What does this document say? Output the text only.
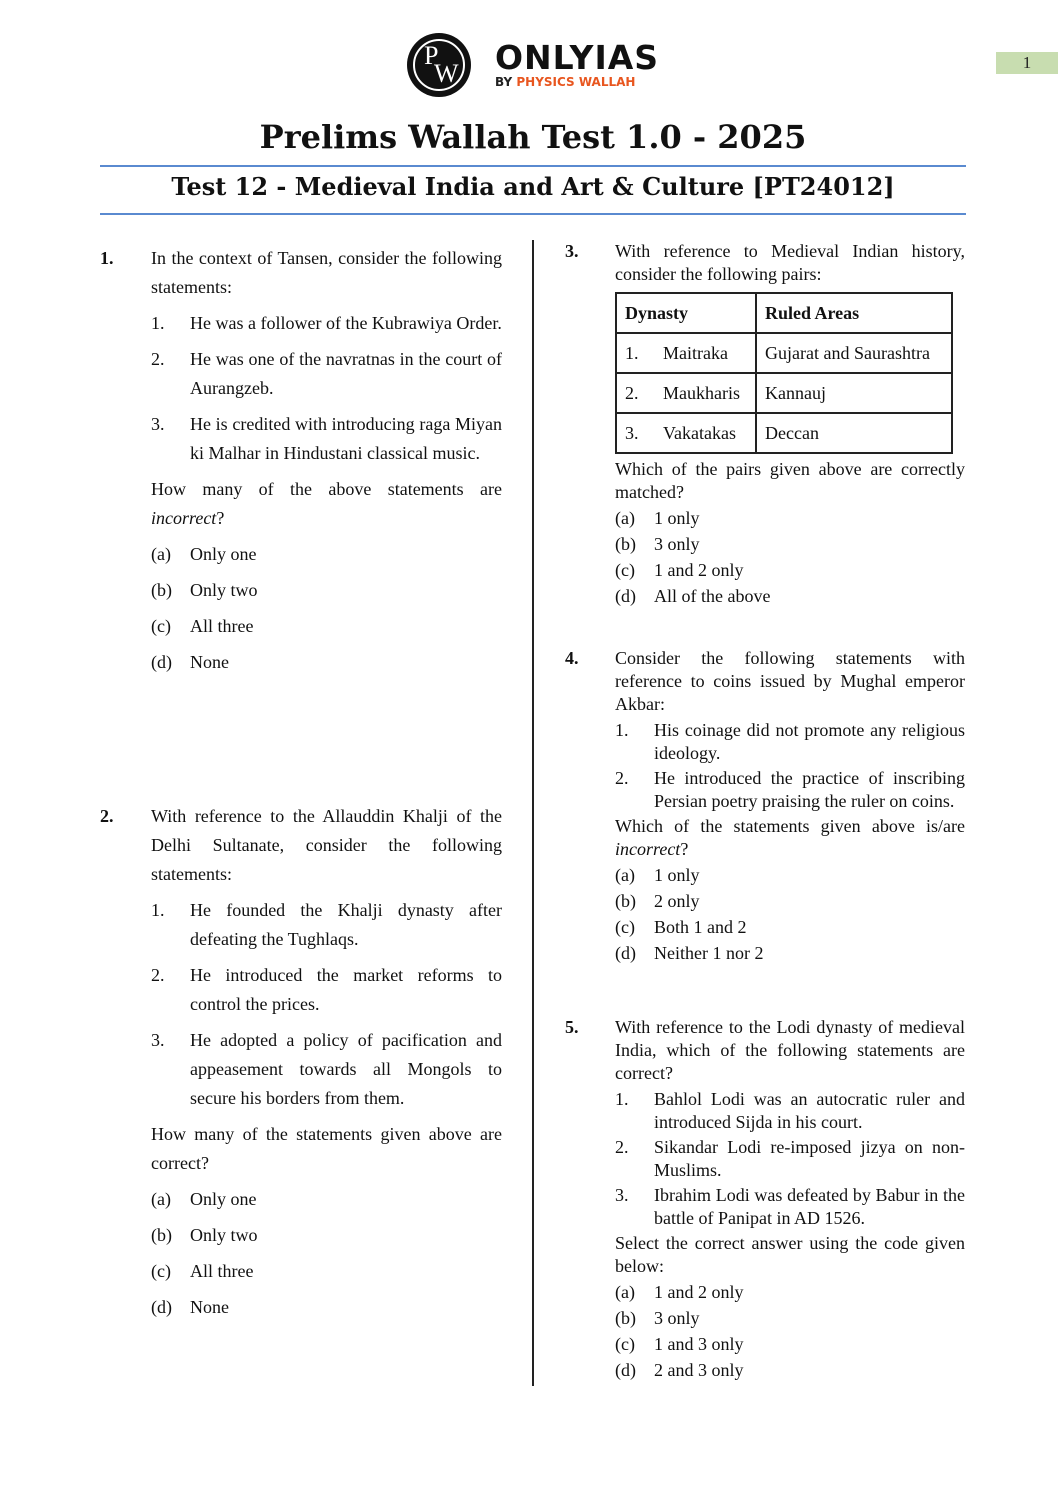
1
P
W ONLYIAS
BY PHYSICS WALLAH
Prelims Wallah Test 1.0 - 2025
Test 12 - Medieval India and Art & Culture [PT24012]
1. In the context of Tansen, consider the following statements:

1.	He was a follower of the Kubrawiya Order.
2.	He was one of the navratnas in the court of Aurangzeb.
3.	He is credited with introducing raga Miyan ki Malhar in Hindustani classical music.

How many of the above statements are incorrect?

(a)	Only one
(b)	Only two
(c)	All three
(d)	None
2. With reference to the Allauddin Khalji of the Delhi Sultanate, consider the following statements:

1.	He founded the Khalji dynasty after defeating the Tughlaqs.
2.	He introduced the market reforms to control the prices.
3.	He adopted a policy of pacification and appeasement towards all Mongols to secure his borders from them.

How many of the statements given above are correct?

(a)	Only one
(b)	Only two
(c)	All three
(d)	None
3. With reference to Medieval Indian history, consider the following pairs:

Dynasty	Ruled Areas
1. Maitraka	Gujarat and Saurashtra
2. Maukharis	Kannauj
3. Vakatakas	Deccan

Which of the pairs given above are correctly matched?

(a)	1 only
(b)	3 only
(c)	1 and 2 only
(d)	All of the above
4. Consider the following statements with reference to coins issued by Mughal emperor Akbar:

1.	His coinage did not promote any religious ideology.
2.	He introduced the practice of inscribing Persian poetry praising the ruler on coins.

Which of the statements given above is/are incorrect?

(a)	1 only
(b)	2 only
(c)	Both 1 and 2
(d)	Neither 1 nor 2
5. With reference to the Lodi dynasty of medieval India, which of the following statements are correct?

1.	Bahlol Lodi was an autocratic ruler and introduced Sijda in his court.
2.	Sikandar Lodi re-imposed jizya on non-Muslims.
3.	Ibrahim Lodi was defeated by Babur in the battle of Panipat in AD 1526.

Select the correct answer using the code given below:

(a)	1 and 2 only
(b)	3 only
(c)	1 and 3 only
(d)	2 and 3 only
